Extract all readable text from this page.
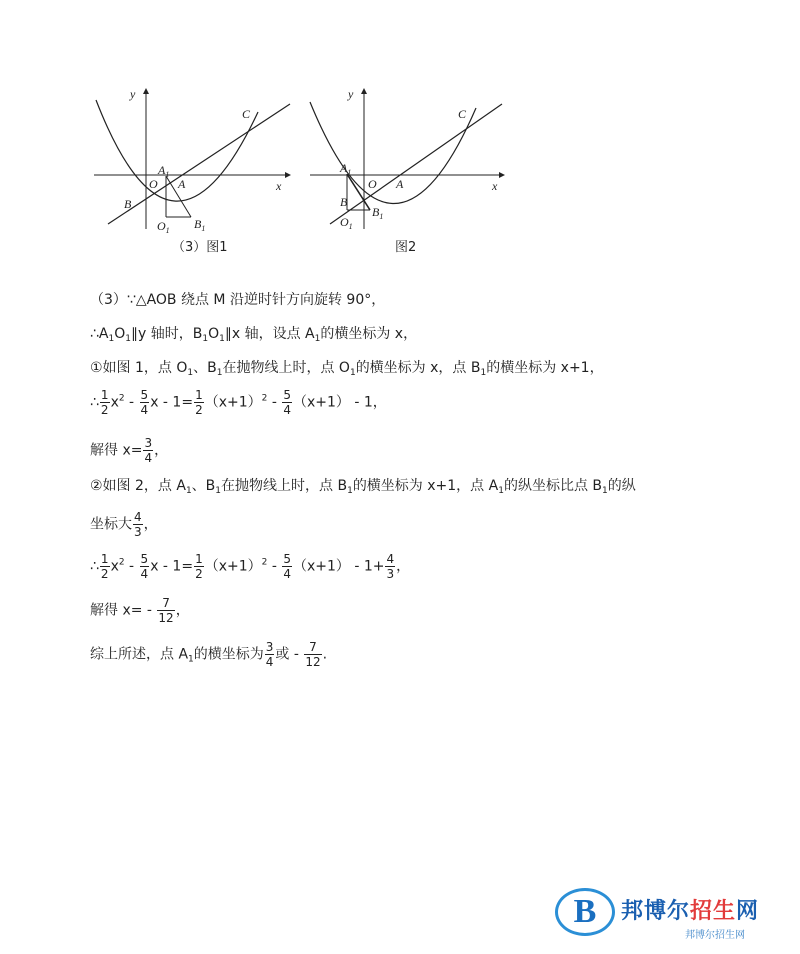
y
x
O
$A_1$
A
B
$B_1$
$O_1$
C
（3）图1
y
x
O
$A_1$
A
B
$B_1$
$O_1$
C
图2
（3）∵△AOB 绕点 M 沿逆时针方向旋转 90°，
$\therefore A_1O_1\parallel y$ 轴时，$B_1O_1\parallel x$ 轴，设点 $A_1$的横坐标为 x，
①如图 1，点 $O_1$、$B_1$在抛物线上时，点 $O_1$的横坐标为 x，点 $B_1$的横坐标为 x+1，
∴ $\frac{1}{2} x^2 - \frac{5}{4}$ $x - 1= \frac{1}{2} (x+1)^2 - \frac{5}{4} (x+1) - 1$，
解得 $x= \frac{3}{4}$ ，
②如图 2，点 $A_1$、$B_1$在抛物线上时，点 $B_1$的横坐标为 x+1，点 $A_1$的纵坐标比点 $B_1$的纵
坐标大 $\frac{4}{3}$ ，
∴ $\frac{1}{2} x^2 - \frac{5}{4}$ $x - 1= \frac{1}{2} (x+1)^2 - \frac{5}{4} (x+1) - 1+ \frac{4}{3}$ ，
解得 $x= - \frac{7}{12}$ ，
综上所述，点 $A_1$的横坐标为 $\frac{3}{4}$ 或 - $\frac{7}{12}$ .
B	邦博尔招生网
邦博尔招生网
